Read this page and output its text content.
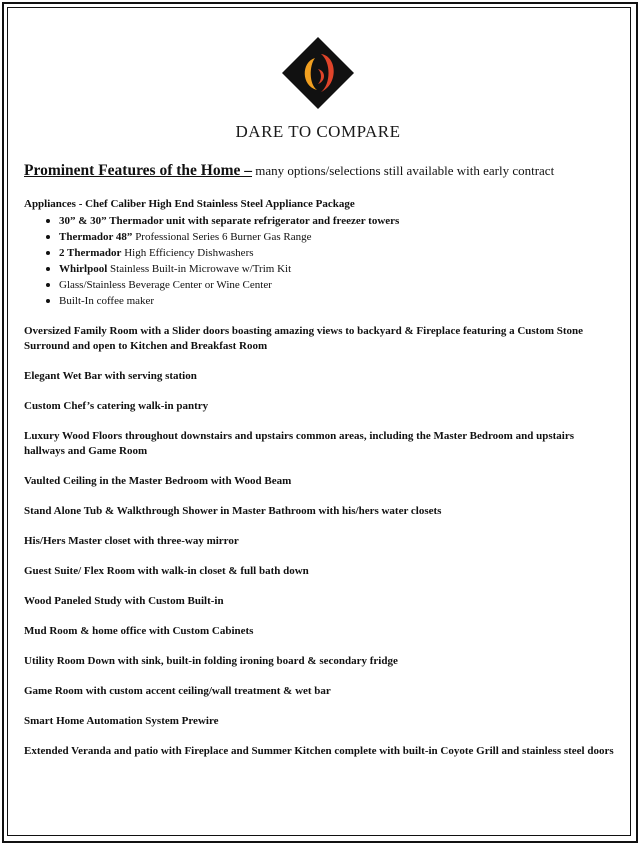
DARE TO COMPARE
Prominent Features of the Home – many options/selections still available with early contract
Appliances - Chef Caliber High End Stainless Steel Appliance Package
30” & 30” Thermador unit with separate refrigerator and freezer towers
Thermador 48” Professional Series 6 Burner Gas Range
2 Thermador High Efficiency Dishwashers
Whirlpool Stainless Built-in Microwave w/Trim Kit
Glass/Stainless Beverage Center or Wine Center
Built-In coffee maker

Oversized Family Room with a Slider doors boasting amazing views to backyard & Fireplace featuring a Custom Stone Surround and open to Kitchen and Breakfast Room

Elegant Wet Bar with serving station

Custom Chef’s catering walk-in pantry

Luxury Wood Floors throughout downstairs and upstairs common areas, including the Master Bedroom and upstairs hallways and Game Room

Vaulted Ceiling in the Master Bedroom with Wood Beam

Stand Alone Tub & Walkthrough Shower in Master Bathroom with his/hers water closets

His/Hers Master closet with three-way mirror

Guest Suite/ Flex Room with walk-in closet & full bath down

Wood Paneled Study with Custom Built-in

Mud Room & home office with Custom Cabinets

Utility Room Down with sink, built-in folding ironing board & secondary fridge

Game Room with custom accent ceiling/wall treatment & wet bar

Smart Home Automation System Prewire

Extended Veranda and patio with Fireplace and Summer Kitchen complete with built-in Coyote Grill and stainless steel doors
